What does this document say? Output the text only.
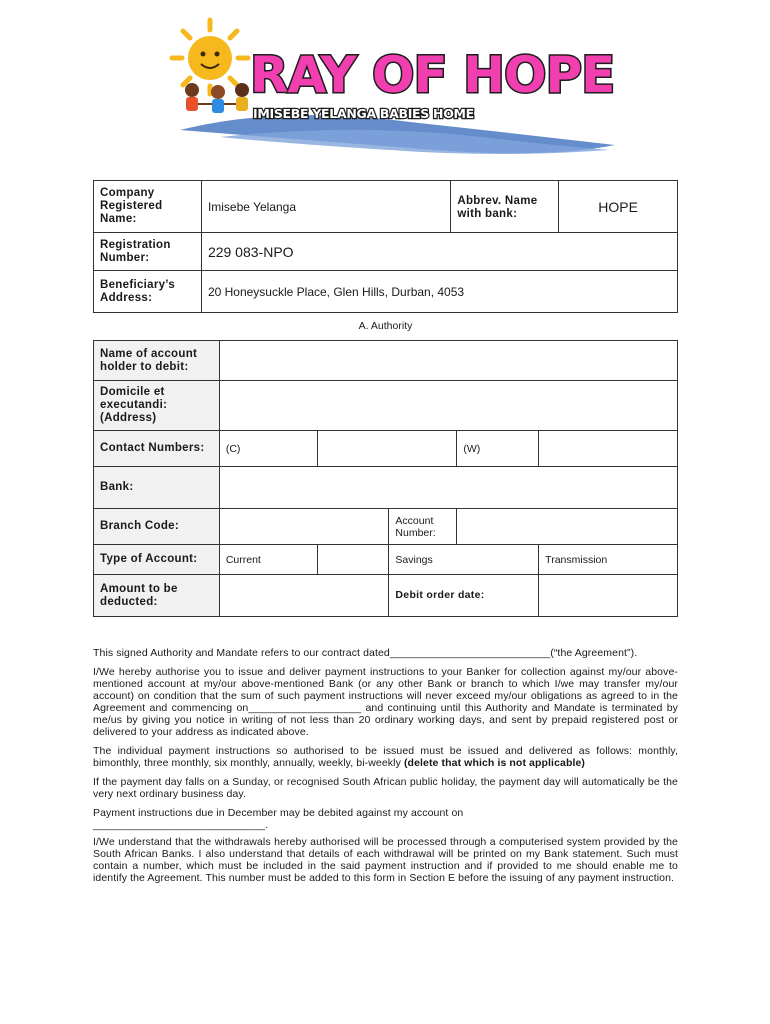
RAY OF HOPE
IMISEBE YELANGA BABIES HOME
Company Registered Name:	Imisebe Yelanga	Abbrev. Name with bank:	HOPE
Registration Number:	229 083-NPO		
Beneficiary’s Address:	20 Honeysuckle Place, Glen Hills, Durban, 4053		
A. Authority
Name of account holder to debit:					
Domicile et executandi: (Address)					
Contact Numbers:	(C)			(W)	
Bank:					
Branch Code:			Account Number:		
Type of Account:	Current		Savings		Transmission
Amount to be deducted:			Debit order date:		
This signed Authority and Mandate refers to our contract dated___________________________(“the Agreement”).
I/We hereby authorise you to issue and deliver payment instructions to your Banker for collection against my/our above-mentioned account at my/our above-mentioned Bank (or any other Bank or branch to which I/we may transfer my/our account) on condition that the sum of such payment instructions will never exceed my/our obligations as agreed to in the Agreement and commencing on___________________ and continuing until this Authority and Mandate is terminated by me/us by giving you notice in writing of not less than 20 ordinary working days, and sent by prepaid registered post or delivered to your address as indicated above.
The individual payment instructions so authorised to be issued must be issued and delivered as follows: monthly, bimonthly, three monthly, six monthly, annually, weekly, bi-weekly (delete that which is not applicable)
If the payment day falls on a Sunday, or recognised South African public holiday, the payment day will automatically be the very next ordinary business day.
Payment instructions due in December may be debited against my account on
_____________________________.
I/We understand that the withdrawals hereby authorised will be processed through a computerised system provided by the South African Banks. I also understand that details of each withdrawal will be printed on my Bank statement. Such must contain a number, which must be included in the said payment instruction and if provided to me should enable me to identify the Agreement. This number must be added to this form in Section E before the issuing of any payment instruction.
